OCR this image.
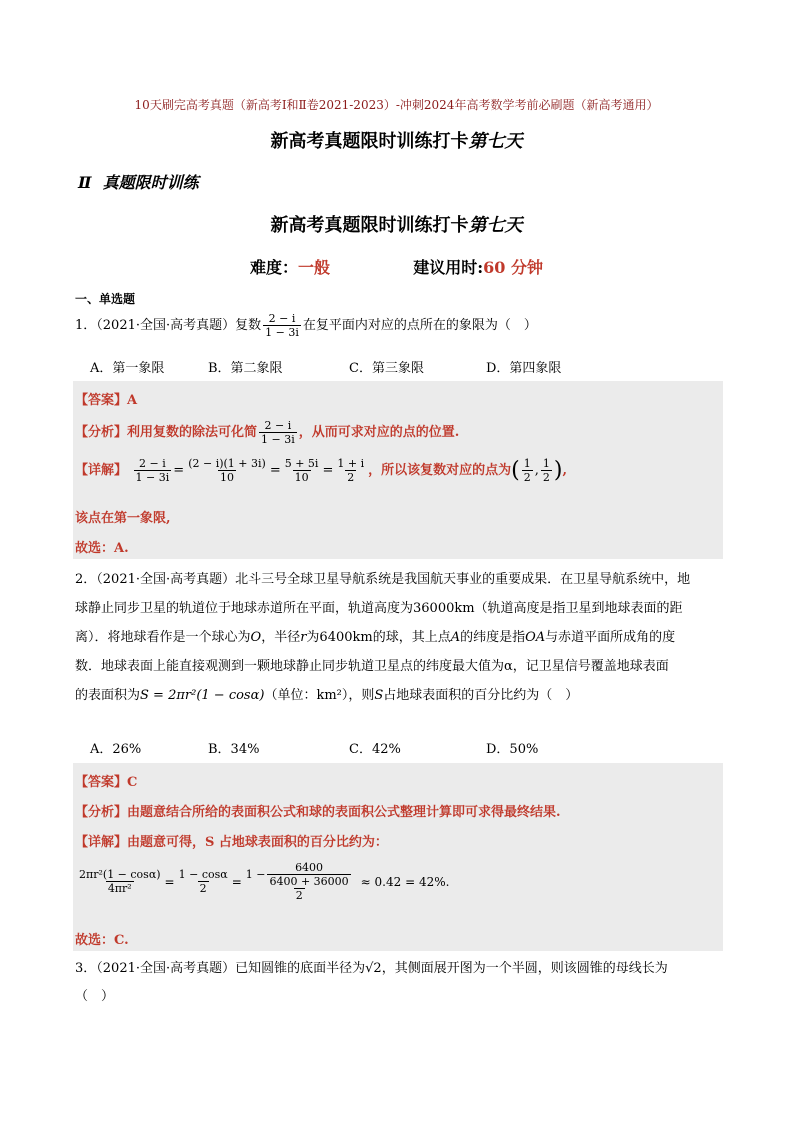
10天刷完高考真题（新高考Ⅰ和Ⅱ卷2021-2023）-冲刺2024年高考数学考前必刷题（新高考通用）
新高考真题限时训练打卡第七天
Ⅱ 真题限时训练
新高考真题限时训练打卡第七天
难度：一般	建议用时:60 分钟
一、单选题
1．（2021·全国·高考真题）复数 $\frac{2 - i}{1 - 3i}$ 在复平面内对应的点所在的象限为（　）
A．第一象限	B．第二象限	C．第三象限	D．第四象限
【答案】A
【分析】利用复数的除法可化简 $\frac{2 - i}{1 - 3i}$ ，从而可求对应的点的位置.
【详解】 $\frac{2 - i}{1 - 3i} = \frac{(2 - i)(1 + 3i)}{10} = \frac{5 + 5i}{10} = \frac{1 + i}{2}$ ，所以该复数对应的点为( $\frac{1}{2}$ , $\frac{1}{2}$ ),
该点在第一象限,
故选：A.
2．（2021·全国·高考真题）北斗三号全球卫星导航系统是我国航天事业的重要成果．在卫星导航系统中，地
球静止同步卫星的轨道位于地球赤道所在平面，轨道高度为36000km（轨道高度是指卫星到地球表面的距
离）．将地球看作是一个球心为O，半径r为6400km的球，其上点A的纬度是指OA与赤道平面所成角的度
数．地球表面上能直接观测到一颗地球静止同步轨道卫星点的纬度最大值为α，记卫星信号覆盖地球表面
的表面积为S = 2πr²(1 − cosα)（单位：km²），则S占地球表面积的百分比约为（　）
A．26%	B．34%	C．42%	D．50%
【答案】C
【分析】由题意结合所给的表面积公式和球的表面积公式整理计算即可求得最终结果.
【详解】由题意可得，S 占地球表面积的百分比约为：
$\frac{\text{2πr²(1 − cosα)}}{\text{4πr²}} = \frac{1 - \cos\alpha}{2} = \frac{1 - \frac{6400}{6400 + 36000}}{2} \approx 0.42 = 42\%$ .
故选：C.
3．（2021·全国·高考真题）已知圆锥的底面半径为√2，其侧面展开图为一个半圆，则该圆锥的母线长为
（　）
